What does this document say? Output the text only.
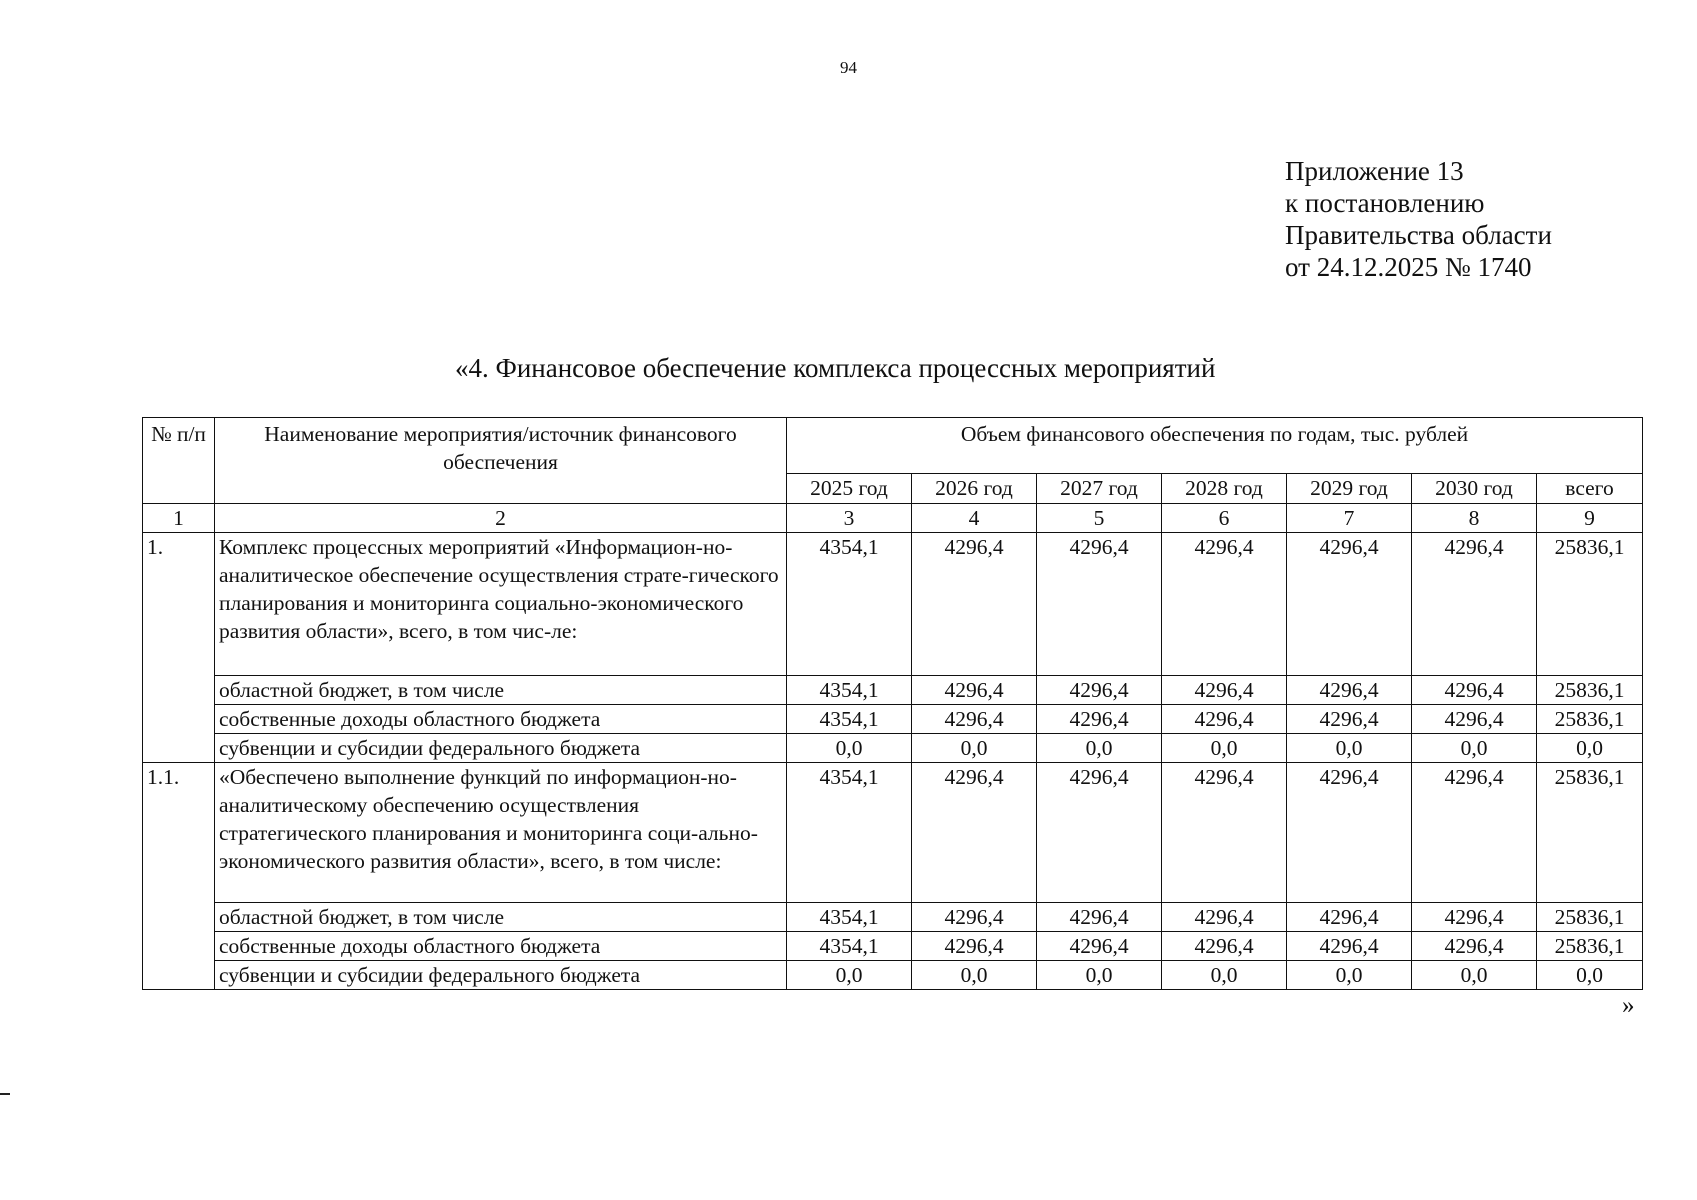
94
Приложение 13
к постановлению
Правительства области
от 24.12.2025 № 1740
«4. Финансовое обеспечение комплекса процессных мероприятий
№ п/п	Наименование мероприятия/источник финансового обеспечения	Объем финансового обеспечения по годам, тыс. рублей						
		2025 год	2026 год	2027 год	2028 год	2029 год	2030 год	всего
1	2	3	4	5	6	7	8	9
1.	Комплекс процессных мероприятий «Информацион-но-аналитическое обеспечение осуществления страте-гического планирования и мониторинга социально-экономического развития области», всего, в том чис-ле:	4354,1	4296,4	4296,4	4296,4	4296,4	4296,4	25836,1
	областной бюджет, в том числе	4354,1	4296,4	4296,4	4296,4	4296,4	4296,4	25836,1
	собственные доходы областного бюджета	4354,1	4296,4	4296,4	4296,4	4296,4	4296,4	25836,1
	субвенции и субсидии федерального бюджета	0,0	0,0	0,0	0,0	0,0	0,0	0,0
1.1.	«Обеспечено выполнение функций по информацион-но-аналитическому обеспечению осуществления стратегического планирования и мониторинга соци-ально-экономического развития области», всего, в том числе:	4354,1	4296,4	4296,4	4296,4	4296,4	4296,4	25836,1
	областной бюджет, в том числе	4354,1	4296,4	4296,4	4296,4	4296,4	4296,4	25836,1
	собственные доходы областного бюджета	4354,1	4296,4	4296,4	4296,4	4296,4	4296,4	25836,1
	субвенции и субсидии федерального бюджета	0,0	0,0	0,0	0,0	0,0	0,0	0,0
»
